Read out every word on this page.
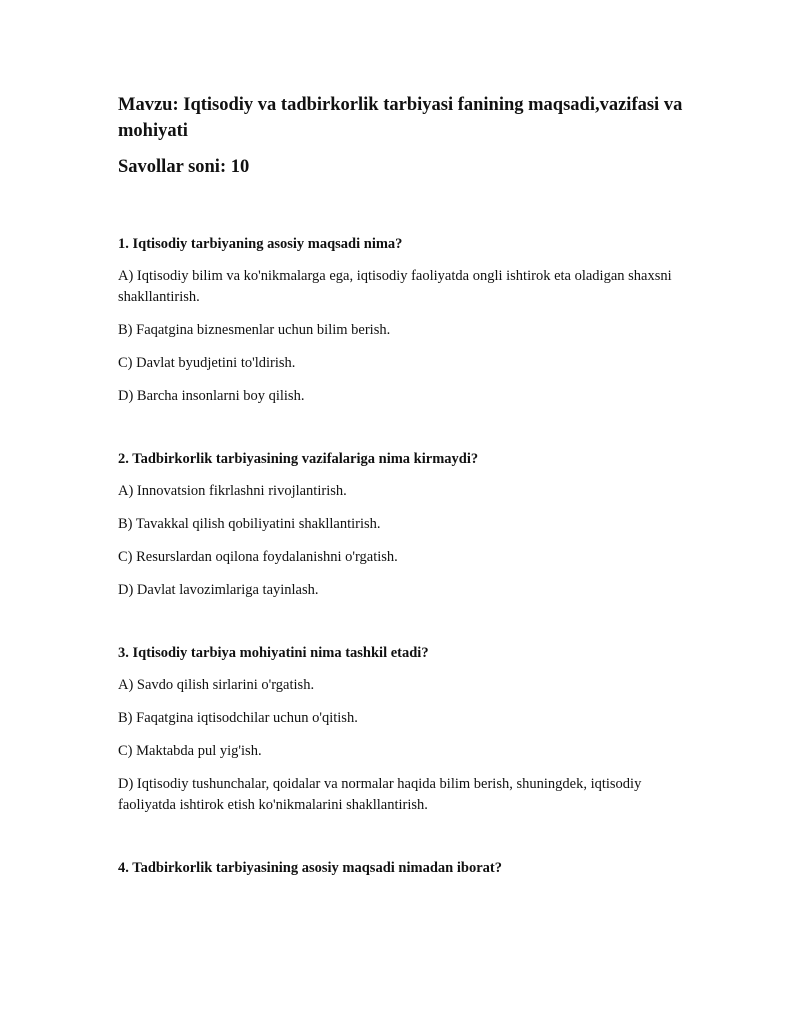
Mavzu: Iqtisodiy va tadbirkorlik tarbiyasi fanining maqsadi,vazifasi va mohiyati
Savollar soni: 10

1. Iqtisodiy tarbiyaning asosiy maqsadi nima?

A) Iqtisodiy bilim va ko'nikmalarga ega, iqtisodiy faoliyatda ongli ishtirok eta oladigan shaxsni shakllantirish.

B) Faqatgina biznesmenlar uchun bilim berish.

C) Davlat byudjetini to'ldirish.

D) Barcha insonlarni boy qilish.

2. Tadbirkorlik tarbiyasining vazifalariga nima kirmaydi?

A) Innovatsion fikrlashni rivojlantirish.

B) Tavakkal qilish qobiliyatini shakllantirish.

C) Resurslardan oqilona foydalanishni o'rgatish.

D) Davlat lavozimlariga tayinlash.

3. Iqtisodiy tarbiya mohiyatini nima tashkil etadi?

A) Savdo qilish sirlarini o'rgatish.

B) Faqatgina iqtisodchilar uchun o'qitish.

C) Maktabda pul yig'ish.

D) Iqtisodiy tushunchalar, qoidalar va normalar haqida bilim berish, shuningdek, iqtisodiy faoliyatda ishtirok etish ko'nikmalarini shakllantirish.

4. Tadbirkorlik tarbiyasining asosiy maqsadi nimadan iborat?
